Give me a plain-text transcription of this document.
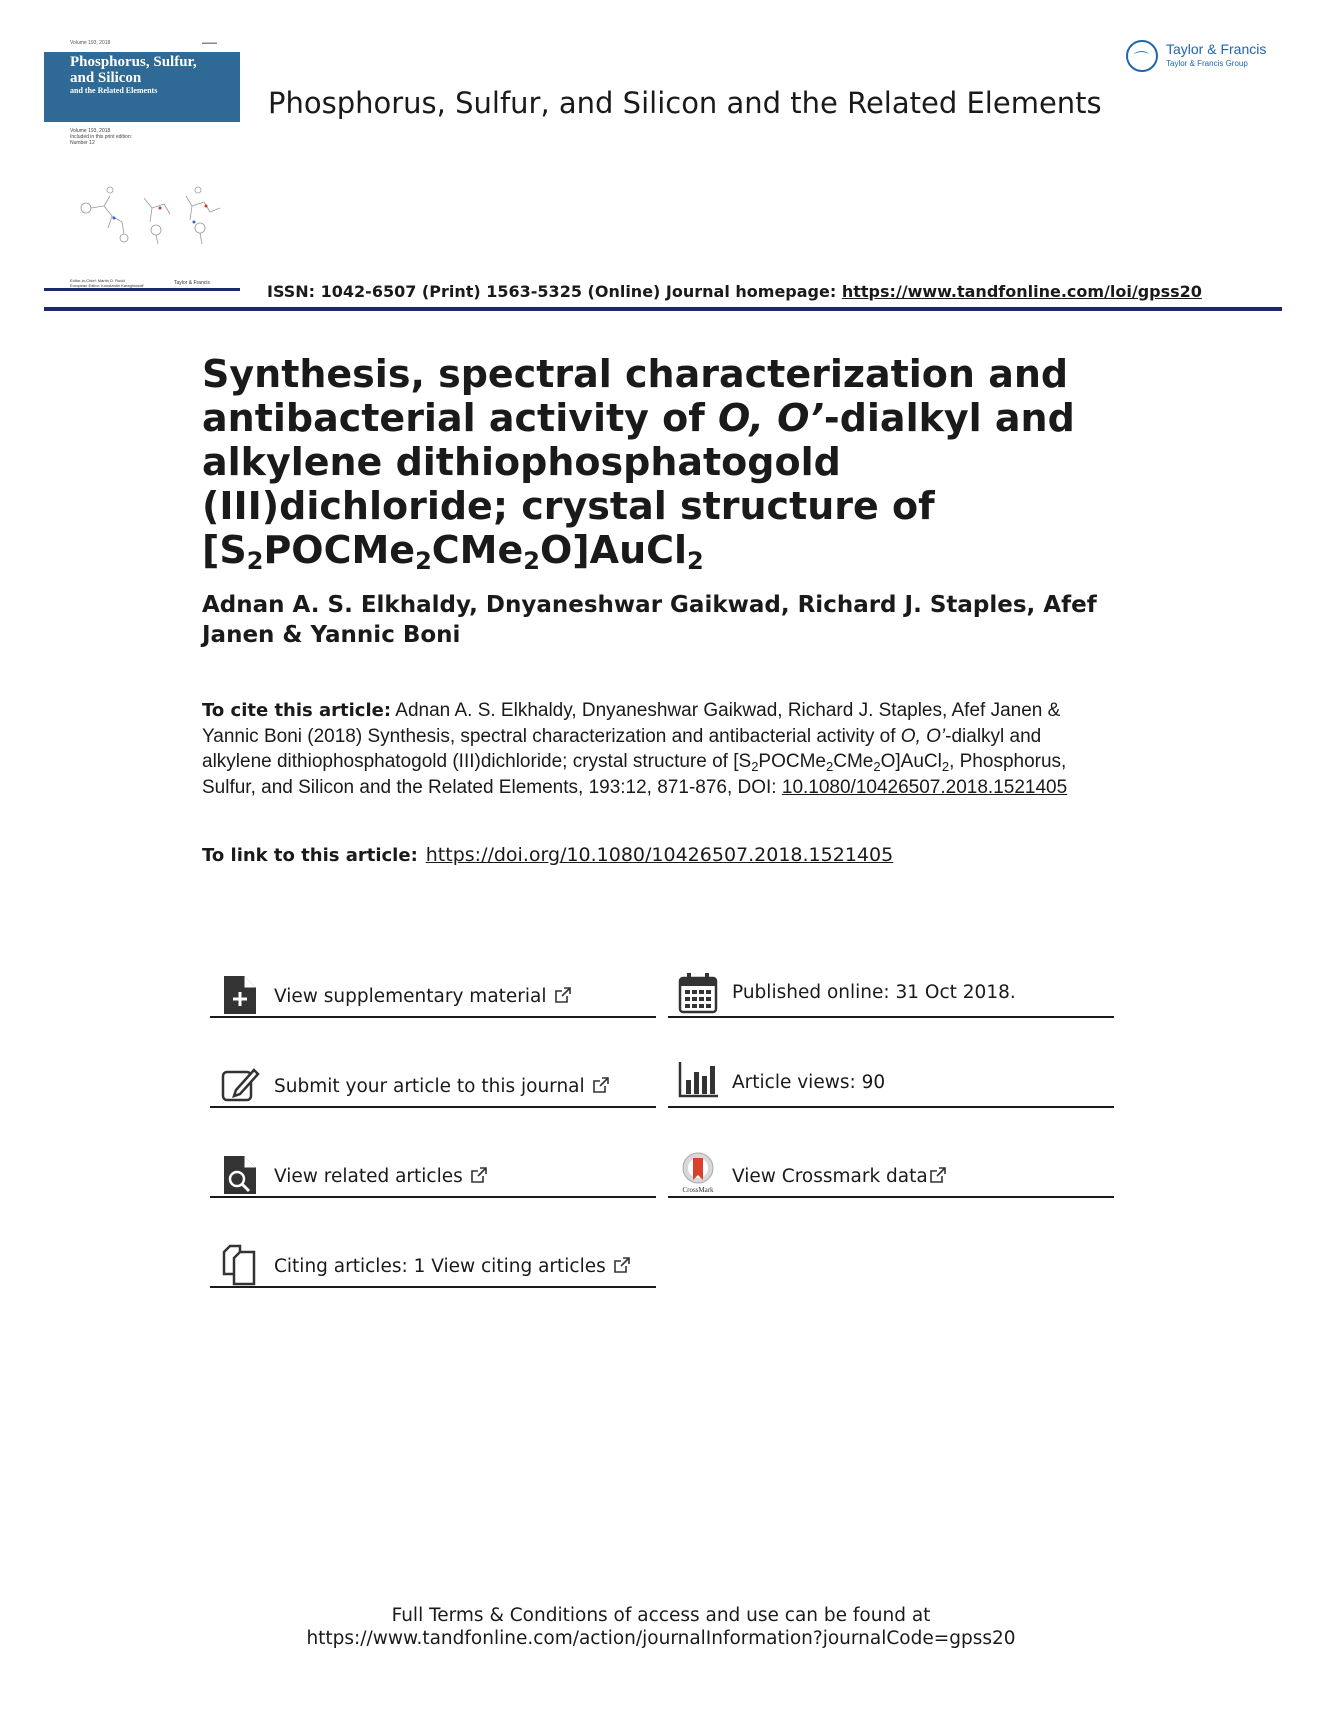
Volume 193, 2018	▬▬▬
Phosphorus, Sulfur, and Silicon
and the Related Elements
Volume 193, 2018
Included in this print edition:
Number 12
Editor-in-Chief: Martin D. Rudd
European Editor: Konstantin Karaghiosoff	Taylor & Francis
Phosphorus, Sulfur, and Silicon and the Related Elements
⌒
Taylor & Francis
Taylor & Francis Group
ISSN: 1042-6507 (Print) 1563-5325 (Online) Journal homepage: https://www.tandfonline.com/loi/gpss20
Synthesis, spectral characterization and antibacterial activity of O, O’-dialkyl and alkylene dithiophosphatogold (III)dichloride; crystal structure of $[S_2POCMe_2CMe_2O]AuCl_2$
Adnan A. S. Elkhaldy, Dnyaneshwar Gaikwad, Richard J. Staples, Afef Janen & Yannic Boni
To cite this article: Adnan A. S. Elkhaldy, Dnyaneshwar Gaikwad, Richard J. Staples, Afef Janen & Yannic Boni (2018) Synthesis, spectral characterization and antibacterial activity of O, O’-dialkyl and alkylene dithiophosphatogold (III)dichloride; crystal structure of $[S_2POCMe_2CMe_2O]AuCl_2$, Phosphorus, Sulfur, and Silicon and the Related Elements, 193:12, 871-876, DOI: 10.1080/10426507.2018.1521405
To link to this article: https://doi.org/10.1080/10426507.2018.1521405
View supplementary material
Submit your article to this journal
View related articles
Citing articles: 1 View citing articles
Published online: 31 Oct 2018.
Article views: 90
CrossMark
View Crossmark data
Full Terms & Conditions of access and use can be found at
https://www.tandfonline.com/action/journalInformation?journalCode=gpss20
